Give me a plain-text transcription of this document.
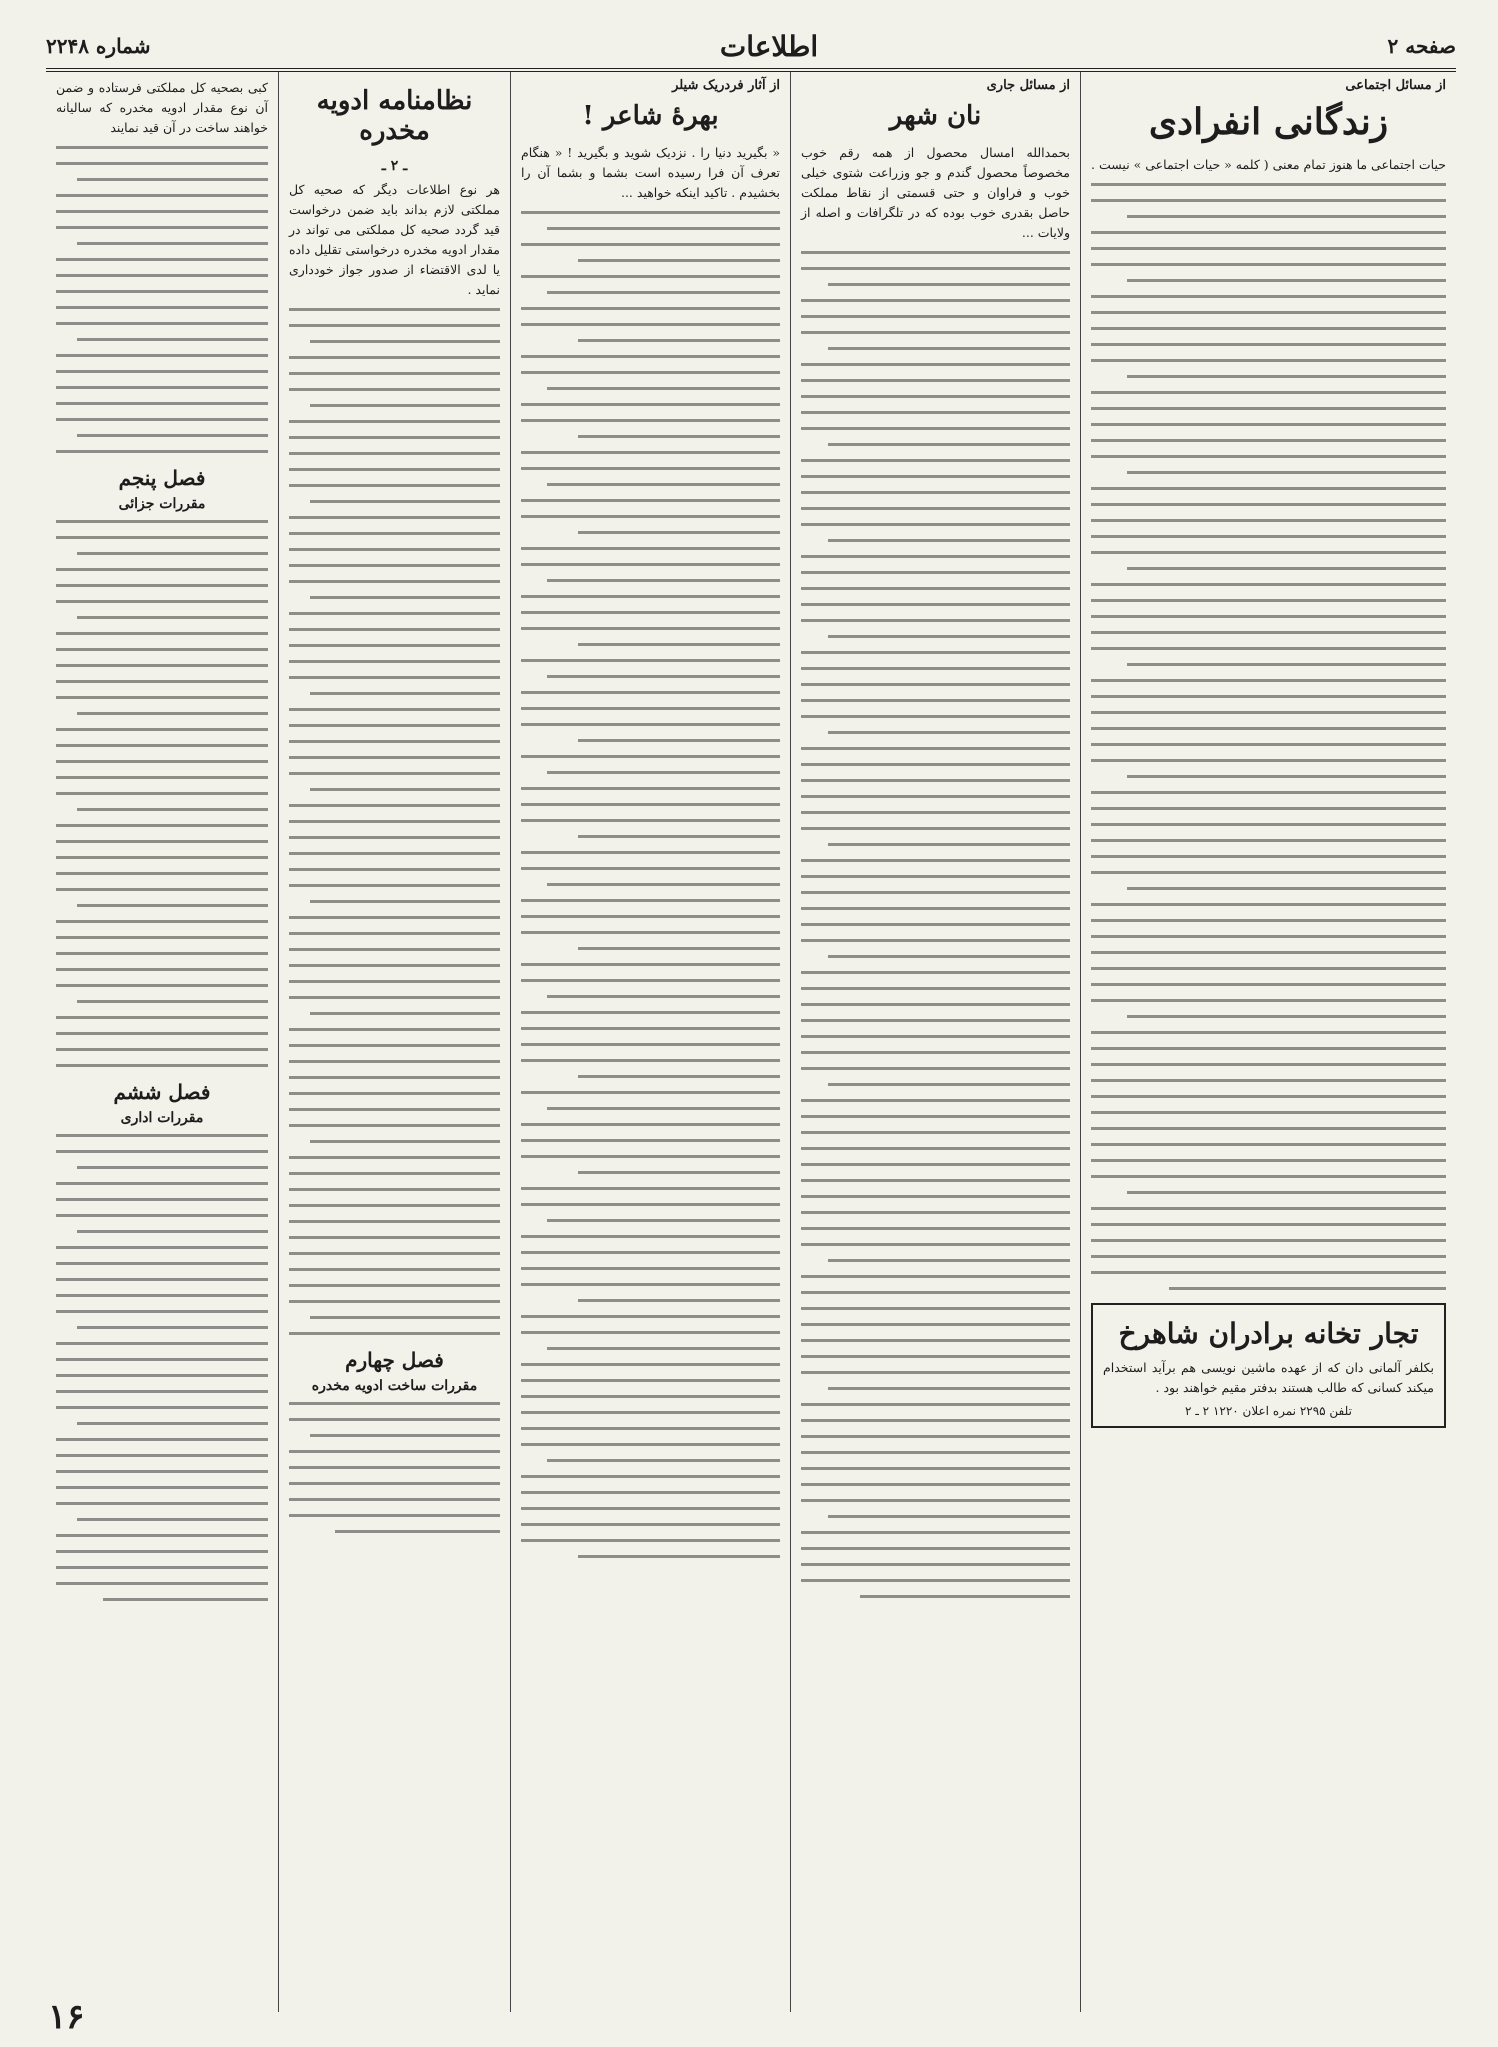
صفحه ۲
اطلاعات
شماره ۲۲۴۸
از مسائل اجتماعی
زندگانی انفرادی

حیات اجتماعی ما هنوز تمام معنی ( کلمه « حیات اجتماعی » نیست .

تجار تخانه برادران شاهرخ
بکلفر آلمانی دان که از عهده ماشین نویسی هم برآید استخدام میکند کسانی که طالب هستند بدفتر مقیم خواهند بود .
تلفن ۲۲۹۵ نمره اعلان ۱۲۲۰ ۲ ـ ۲
از مسائل جاری
نان شهر

بحمدالله امسال محصول از همه رقم خوب مخصوصاً محصول گندم و جو وزراعت شتوی خیلی خوب و فراوان و حتی قسمتی از نقاط مملکت حاصل بقدری خوب بوده که در تلگرافات و اصله از ولایات ...

از آثار فردریک شیلر
بهرهٔ شاعر !

« بگیرید دنیا را . نزدیک شوید و بگیرید ! « هنگام تعرف آن فرا رسیده است بشما و بشما آن را بخشیدم . تاکید اینکه خواهید ...

نظامنامه ادویه مخدره
ـ ۲ ـ

هر نوع اطلاعات دیگر که صحیه کل مملکتی لازم بداند باید ضمن درخواست قید گردد صحیه کل مملکتی می تواند در مقدار ادویه مخدره درخواستی تقلیل داده یا لدی الاقتضاء از صدور جواز خودداری نماید .

فصل چهارم
مقررات ساخت ادویه مخدره

کبی بصحیه کل مملکتی فرستاده و ضمن آن نوع مقدار ادویه مخدره که سالیانه خواهند ساخت در آن قید نمایند

فصل پنجم
مقررات جزائی
فصل ششم
مقررات اداری
۱۶
